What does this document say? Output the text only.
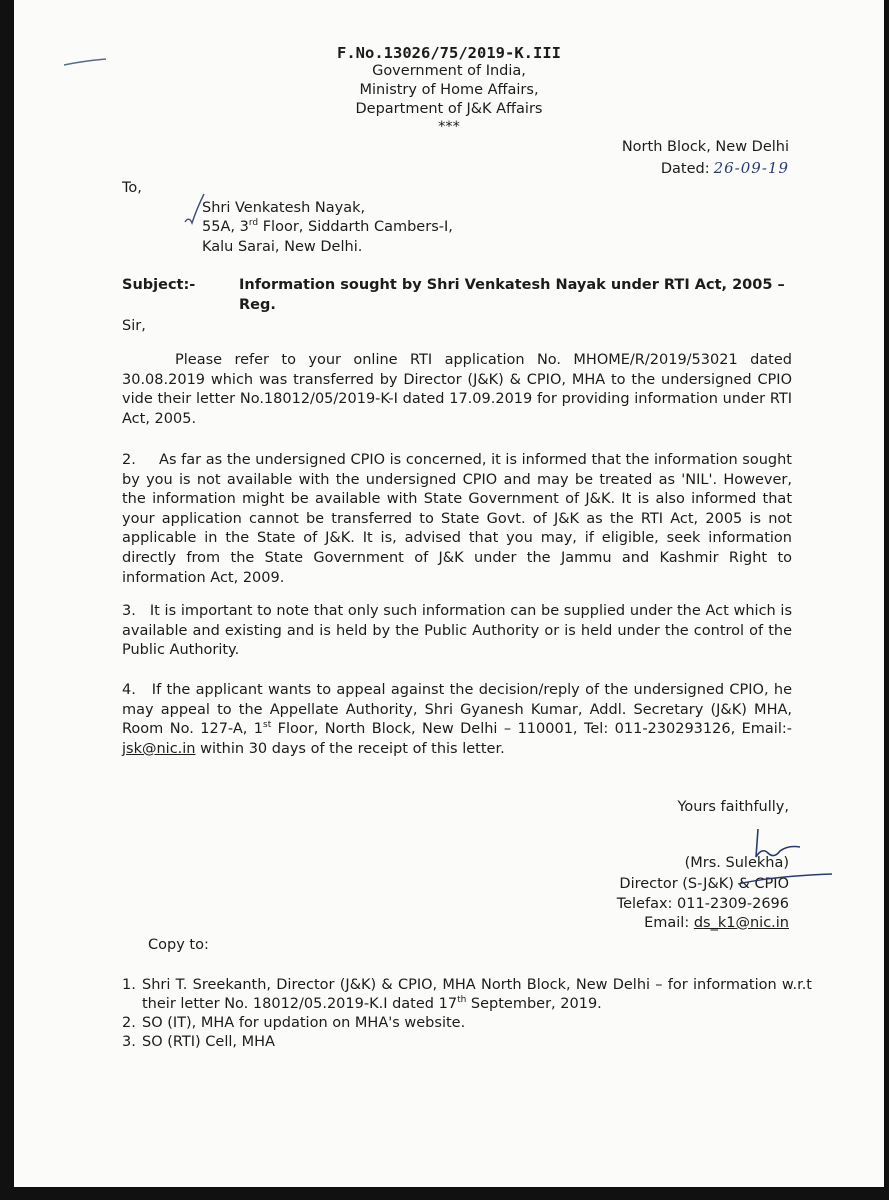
F.No.13026/75/2019-K.III
Government of India,
Ministry of Home Affairs,
Department of J&K Affairs
***
North Block, New Delhi
Dated: 26-09-19
To,
Shri Venkatesh Nayak,
55A, 3rd Floor, Siddarth Cambers-I,
Kalu Sarai, New Delhi.
Subject:-	Information sought by Shri Venkatesh Nayak under RTI Act, 2005 – Reg.
Sir,
Please refer to your online RTI application No. MHOME/R/2019/53021 dated 30.08.2019 which was transferred by Director (J&K) & CPIO, MHA to the undersigned CPIO vide their letter No.18012/05/2019-K-I dated 17.09.2019 for providing information under RTI Act, 2005.
2.     As far as the undersigned CPIO is concerned, it is informed that the information sought by you is not available with the undersigned CPIO and may be treated as 'NIL'. However, the information might be available with State Government of J&K. It is also informed that your application cannot be transferred to State Govt. of J&K as the RTI Act, 2005 is not applicable in the State of J&K. It is, advised that you may, if eligible, seek information directly from the State Government of J&K under the Jammu and Kashmir Right to information Act, 2009.
3.   It is important to note that only such information can be supplied under the Act which is available and existing and is held by the Public Authority or is held under the control of the Public Authority.
4.   If the applicant wants to appeal against the decision/reply of the undersigned CPIO, he may appeal to the Appellate Authority, Shri Gyanesh Kumar, Addl. Secretary (J&K) MHA, Room No. 127-A, 1st Floor, North Block, New Delhi – 110001, Tel: 011-230293126, Email:- jsk@nic.in within 30 days of the receipt of this letter.
Yours faithfully,
(Mrs. Sulekha)
Director (S-J&K) & CPIO
Telefax: 011-2309-2696
Email: ds_k1@nic.in
Copy to:
1. Shri T. Sreekanth, Director (J&K) & CPIO, MHA North Block, New Delhi – for information w.r.t their letter No. 18012/05.2019-K.I dated 17th September, 2019.
2. SO (IT), MHA for updation on MHA's website.
3. SO (RTI) Cell, MHA
